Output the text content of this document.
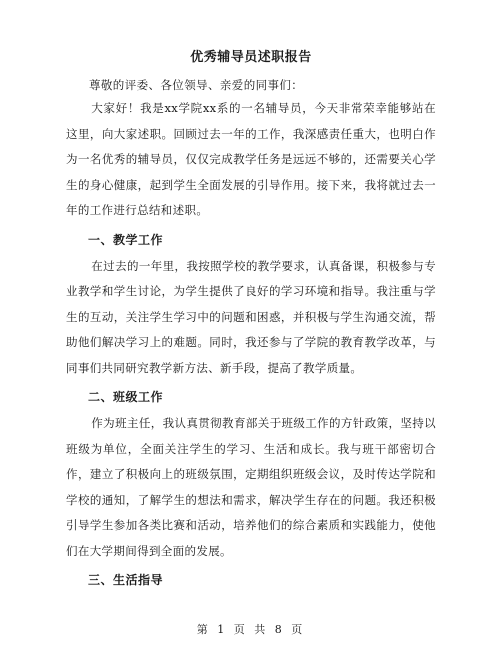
优秀辅导员述职报告

尊敬的评委、各位领导、亲爱的同事们：

大家好！我是xx学院xx系的一名辅导员，今天非常荣幸能够站在这里，向大家述职。回顾过去一年的工作，我深感责任重大，也明白作为一名优秀的辅导员，仅仅完成教学任务是远远不够的，还需要关心学生的身心健康，起到学生全面发展的引导作用。接下来，我将就过去一年的工作进行总结和述职。

一、教学工作

在过去的一年里，我按照学校的教学要求，认真备课，积极参与专业教学和学生讨论，为学生提供了良好的学习环境和指导。我注重与学生的互动，关注学生学习中的问题和困惑，并积极与学生沟通交流，帮助他们解决学习上的难题。同时，我还参与了学院的教育教学改革，与同事们共同研究教学新方法、新手段，提高了教学质量。

二、班级工作

作为班主任，我认真贯彻教育部关于班级工作的方针政策，坚持以班级为单位，全面关注学生的学习、生活和成长。我与班干部密切合作，建立了积极向上的班级氛围，定期组织班级会议，及时传达学院和学校的通知，了解学生的想法和需求，解决学生存在的问题。我还积极引导学生参加各类比赛和活动，培养他们的综合素质和实践能力，使他们在大学期间得到全面的发展。

三、生活指导
第 1 页 共 8 页
